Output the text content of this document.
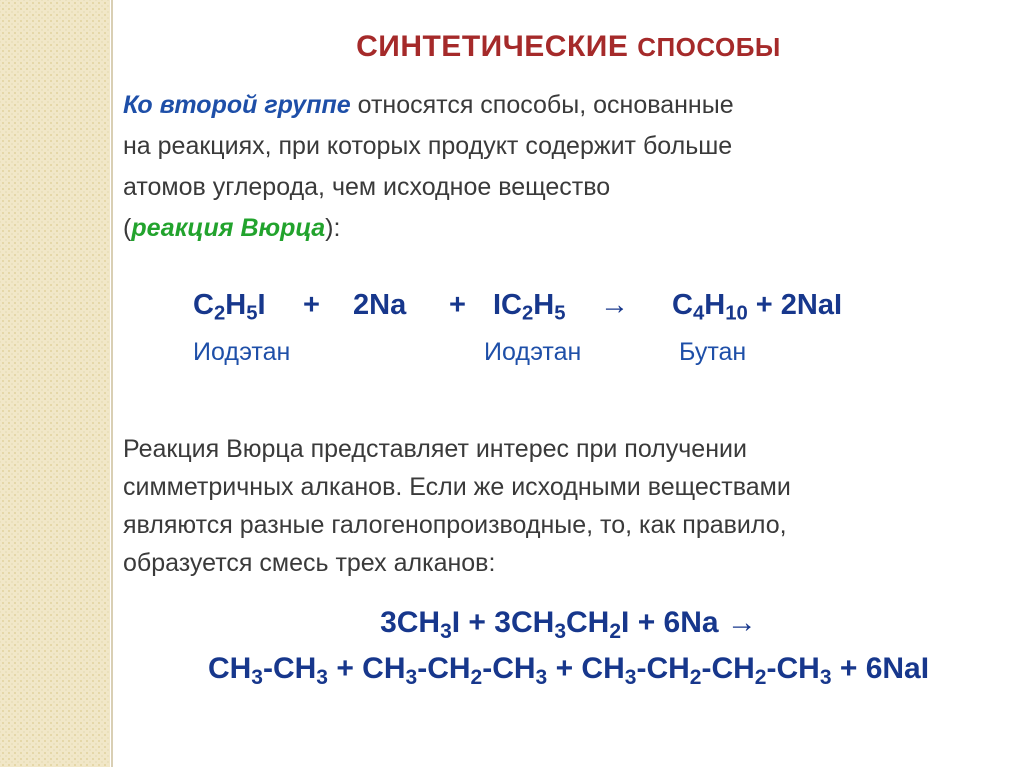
СИНТЕТИЧЕСКИЕ СПОСОБЫ
Ко второй группе относятся способы, основанные
на реакциях, при которых продукт содержит больше
атомов углерода, чем исходное вещество
(реакция Вюрца):
$C_2H_5I + 2Na + IC_2H_5 \to C_4H_{10} + 2NaI$
Иодэтан	Иодэтан	Бутан
Реакция Вюрца представляет интерес при получении
симметричных алканов. Если же исходными веществами
являются разные галогенопроизводные, то, как правило,
образуется смесь трех алканов:
$3CH_3I + 3CH_3CH_2I + 6Na$ →
$CH_3-CH_3 + CH_3-CH_2-CH_3 + CH_3-CH_2-CH_2-CH_3 + 6NaI$
